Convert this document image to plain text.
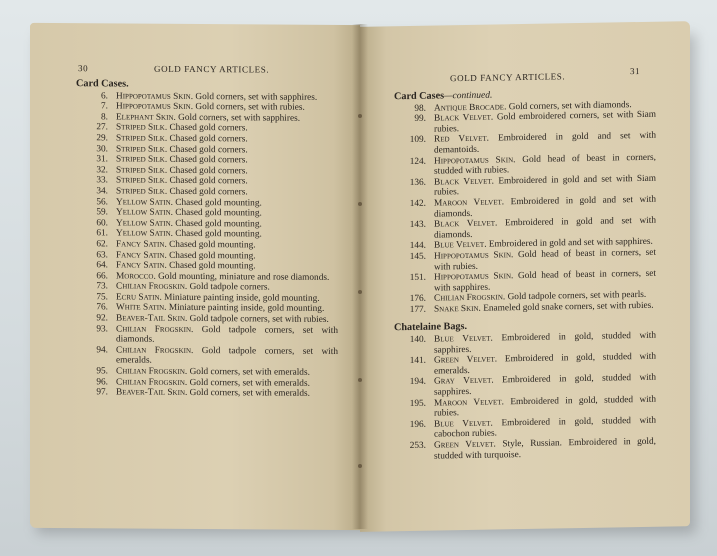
30	GOLD FANCY ARTICLES.
Card Cases.
6. Hippopotamus Skin. Gold corners, set with sapphires.
7. Hippopotamus Skin. Gold corners, set with rubies.
8. Elephant Skin. Gold corners, set with sapphires.
27. Striped Silk. Chased gold corners.
29. Striped Silk. Chased gold corners.
30. Striped Silk. Chased gold corners.
31. Striped Silk. Chased gold corners.
32. Striped Silk. Chased gold corners.
33. Striped Silk. Chased gold corners.
34. Striped Silk. Chased gold corners.
56. Yellow Satin. Chased gold mounting.
59. Yellow Satin. Chased gold mounting.
60. Yellow Satin. Chased gold mounting.
61. Yellow Satin. Chased gold mounting.
62. Fancy Satin. Chased gold mounting.
63. Fancy Satin. Chased gold mounting.
64. Fancy Satin. Chased gold mounting.
66. Morocco. Gold mounting, miniature and rose diamonds.
73. Chilian Frogskin. Gold tadpole corners.
75. Ecru Satin. Miniature painting inside, gold mounting.
76. White Satin. Miniature painting inside, gold mounting.
92. Beaver-Tail Skin. Gold tadpole corners, set with rubies.
93. Chilian Frogskin. Gold tadpole corners, set with diamonds.
94. Chilian Frogskin. Gold tadpole corners, set with emeralds.
95. Chilian Frogskin. Gold corners, set with emeralds.
96. Chilian Frogskin. Gold corners, set with emeralds.
97. Beaver-Tail Skin. Gold corners, set with emeralds.
GOLD FANCY ARTICLES.
31
Card Cases—continued.
98. Antique Brocade. Gold corners, set with diamonds.
99. Black Velvet. Gold embroidered corners, set with Siam rubies.
109. Red Velvet. Embroidered in gold and set with demantoids.
124. Hippopotamus Skin. Gold head of beast in corners, studded with rubies.
136. Black Velvet. Embroidered in gold and set with Siam rubies.
142. Maroon Velvet. Embroidered in gold and set with diamonds.
143. Black Velvet. Embroidered in gold and set with diamonds.
144. Blue Velvet. Embroidered in gold and set with sapphires.
145. Hippopotamus Skin. Gold head of beast in corners, set with rubies.
151. Hippopotamus Skin. Gold head of beast in corners, set with sapphires.
176. Chilian Frogskin. Gold tadpole corners, set with pearls.
177. Snake Skin. Enameled gold snake corners, set with rubies.
Chatelaine Bags.
140. Blue Velvet. Embroidered in gold, studded with sapphires.
141. Green Velvet. Embroidered in gold, studded with emeralds.
194. Gray Velvet. Embroidered in gold, studded with sapphires.
195. Maroon Velvet. Embroidered in gold, studded with rubies.
196. Blue Velvet. Embroidered in gold, studded with cabochon rubies.
253. Green Velvet. Style, Russian. Embroidered in gold, studded with turquoise.
